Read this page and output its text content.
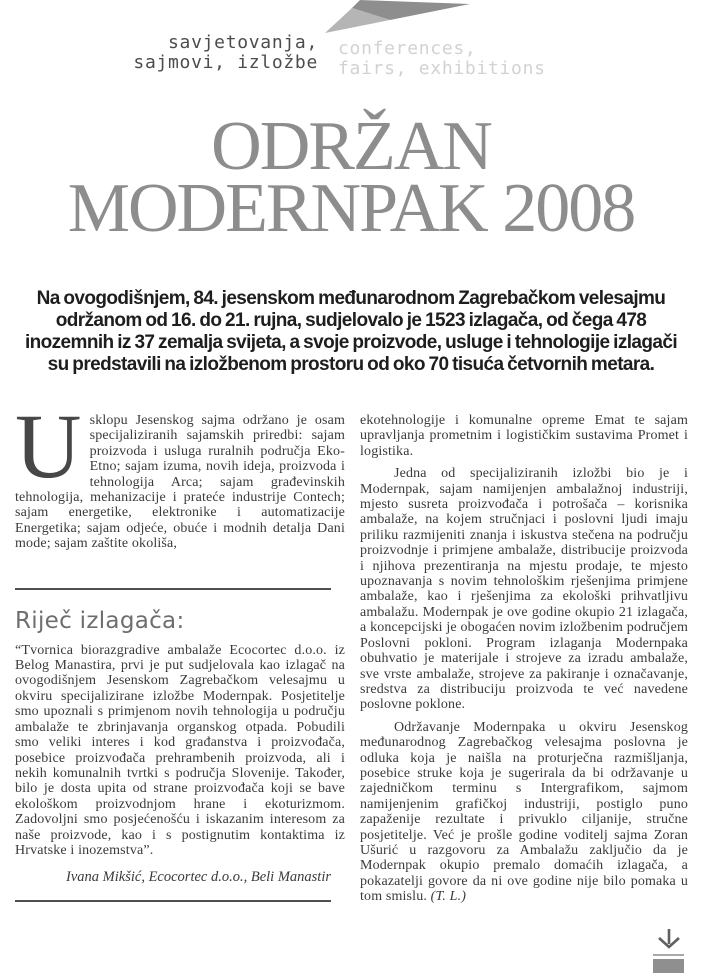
savjetovanja,
sajmovi, izložbe
conferences,
fairs, exhibitions
ODRŽAN
MODERNPAK 2008

Na ovogodišnjem, 84. jesenskom međunarodnom Zagrebačkom velesajmu održanom od 16. do 21. rujna, sudjelovalo je 1523 izlagača, od čega 478 inozemnih iz 37 zemalja svijeta, a svoje proizvode, usluge i tehnologije izlagači su predstavili na izložbenom prostoru od oko 70 tisuća četvornih metara.

Usklopu Jesenskog sajma održano je osam specijaliziranih sajamskih priredbi: sajam proizvoda i usluga ruralnih područja Eko-Etno; sajam izuma, novih ideja, proizvoda i tehnologija Arca; sajam građevinskih tehnologija, mehanizacije i prateće industrije Contech; sajam energetike, elektronike i automatizacije Energetika; sajam odjeće, obuće i modnih detalja Dani mode; sajam zaštite okoliša,

Riječ izlagača:

“Tvornica biorazgradive ambalaže Ecocortec d.o.o. iz Belog Manastira, prvi je put sudjelovala kao izlagač na ovogodišnjem Jesenskom Zagrebačkom velesajmu u okviru specijalizirane izložbe Modernpak. Posjetitelje smo upoznali s primjenom novih tehnologija u području ambalaže te zbrinjavanja organskog otpada. Pobudili smo veliki interes i kod građanstva i proizvođača, posebice proizvođača prehrambenih proizvoda, ali i nekih komunalnih tvrtki s područja Slovenije. Također, bilo je dosta upita od strane proizvođača koji se bave ekološkom proizvodnjom hrane i ekoturizmom. Zadovoljni smo posjećenošću i iskazanim interesom za naše proizvode, kao i s postignutim kontaktima iz Hrvatske i inozemstva”.

Ivana Mikšić, Ecocortec d.o.o., Beli Manastir

ekotehnologije i komunalne opreme Emat te sajam upravljanja prometnim i logističkim sustavima Promet i logistika.

Jedna od specijaliziranih izložbi bio je i Modernpak, sajam namijenjen ambalažnoj industriji, mjesto susreta proizvođača i potrošača – korisnika ambalaže, na kojem stručnjaci i poslovni ljudi imaju priliku razmijeniti znanja i iskustva stečena na području proizvodnje i primjene ambalaže, distribucije proizvoda i njihova prezentiranja na mjestu prodaje, te mjesto upoznavanja s novim tehnološkim rješenjima primjene ambalaže, kao i rješenjima za ekološki prihvatljivu ambalažu. Modernpak je ove godine okupio 21 izlagača, a koncepcijski je obogaćen novim izložbenim područjem Poslovni pokloni. Program izlaganja Modernpaka obuhvatio je materijale i strojeve za izradu ambalaže, sve vrste ambalaže, strojeve za pakiranje i označavanje, sredstva za distribuciju proizvoda te već navedene poslovne poklone.

Održavanje Modernpaka u okviru Jesenskog međunarodnog Zagrebačkog velesajma poslovna je odluka koja je naišla na proturječna razmišljanja, posebice struke koja je sugerirala da bi održavanje u zajedničkom terminu s Intergrafikom, sajmom namijenjenim grafičkoj industriji, postiglo puno zapaženije rezultate i privuklo ciljanije, stručne posjetitelje. Već je prošle godine voditelj sajma Zoran Ušurić u razgovoru za Ambalažu zaključio da je Modernpak okupio premalo domaćih izlagača, a pokazatelji govore da ni ove godine nije bilo pomaka u tom smislu. (T. L.)
